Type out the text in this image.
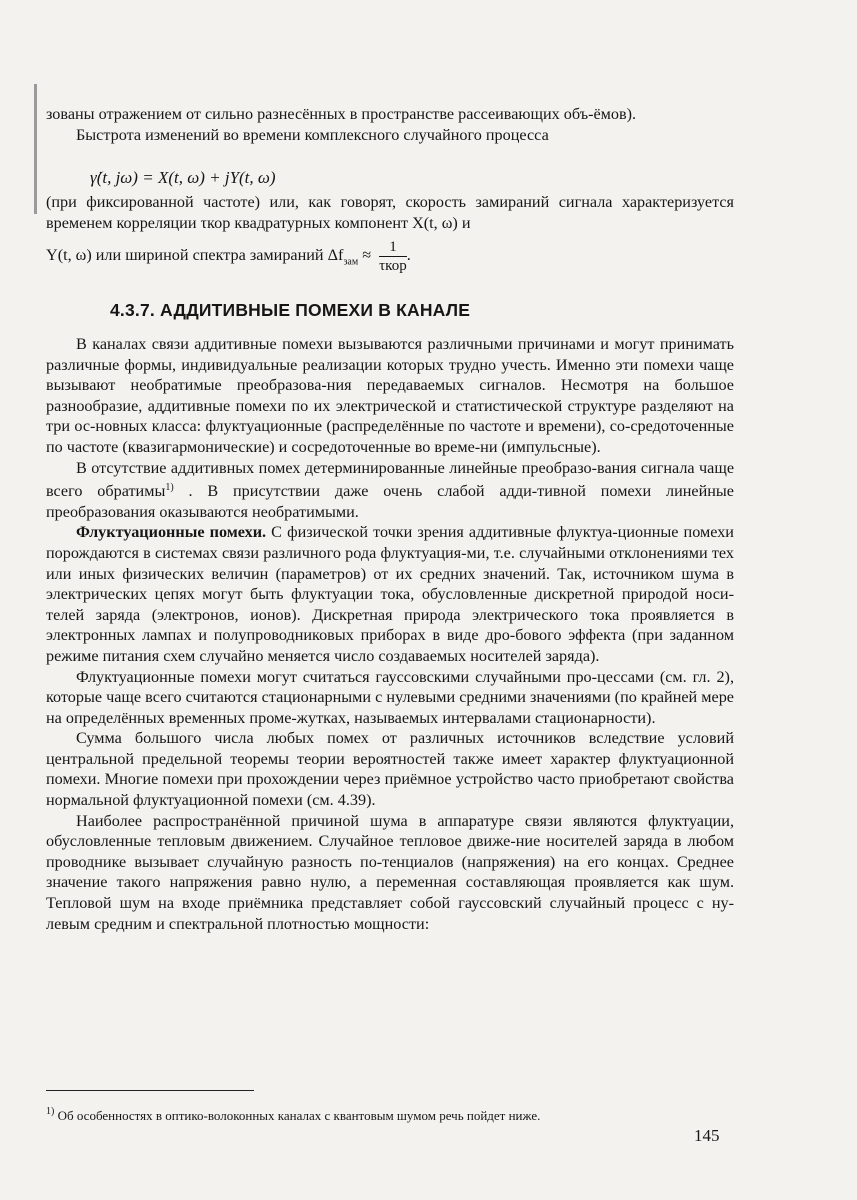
зованы отражением от сильно разнесённых в пространстве рассеивающих объ-ёмов).

Быстрота изменений во времени комплексного случайного процесса

γ̇(t, jω) = X(t, ω) + jY(t, ω)

(при фиксированной частоте) или, как говорят, скорость замираний сигнала характеризуется временем корреляции τкор квадратурных компонент X(t, ω) и

Y(t, ω) или шириной спектра замираний $\Delta f_{зам} \approx \frac{1}{\text{τкор}}$ .
4.3.7. АДДИТИВНЫЕ ПОМЕХИ В КАНАЛЕ

В каналах связи аддитивные помехи вызываются различными причинами и могут принимать различные формы, индивидуальные реализации которых трудно учесть. Именно эти помехи чаще вызывают необратимые преобразова-ния передаваемых сигналов. Несмотря на большое разнообразие, аддитивные помехи по их электрической и статистической структуре разделяют на три ос-новных класса: флуктуационные (распределённые по частоте и времени), со-средоточенные по частоте (квазигармонические) и сосредоточенные во време-ни (импульсные).

В отсутствие аддитивных помех детерминированные линейные преобразо-вания сигнала чаще всего обратимы$^{1)}$ . В присутствии даже очень слабой адди-тивной помехи линейные преобразования оказываются необратимыми.

Флуктуационные помехи. С физической точки зрения аддитивные флуктуа-ционные помехи порождаются в системах связи различного рода флуктуация-ми, т.е. случайными отклонениями тех или иных физических величин (параметров) от их средних значений. Так, источником шума в электрических цепях могут быть флуктуации тока, обусловленные дискретной природой носи-телей заряда (электронов, ионов). Дискретная природа электрического тока проявляется в электронных лампах и полупроводниковых приборах в виде дро-бового эффекта (при заданном режиме питания схем случайно меняется число создаваемых носителей заряда).

Флуктуационные помехи могут считаться гауссовскими случайными про-цессами (см. гл. 2), которые чаще всего считаются стационарными с нулевыми средними значениями (по крайней мере на определённых временных проме-жутках, называемых интервалами стационарности).

Сумма большого числа любых помех от различных источников вследствие условий центральной предельной теоремы теории вероятностей также имеет характер флуктуационной помехи. Многие помехи при прохождении через приёмное устройство часто приобретают свойства нормальной флуктуационной помехи (см. 4.39).

Наиболее распространённой причиной шума в аппаратуре связи являются флуктуации, обусловленные тепловым движением. Случайное тепловое движе-ние носителей заряда в любом проводнике вызывает случайную разность по-тенциалов (напряжения) на его концах. Среднее значение такого напряжения равно нулю, а переменная составляющая проявляется как шум. Тепловой шум на входе приёмника представляет собой гауссовский случайный процесс с ну-левым средним и спектральной плотностью мощности:

$^{1)}$ Об особенностях в оптико-волоконных каналах с квантовым шумом речь пойдет ниже.
145
